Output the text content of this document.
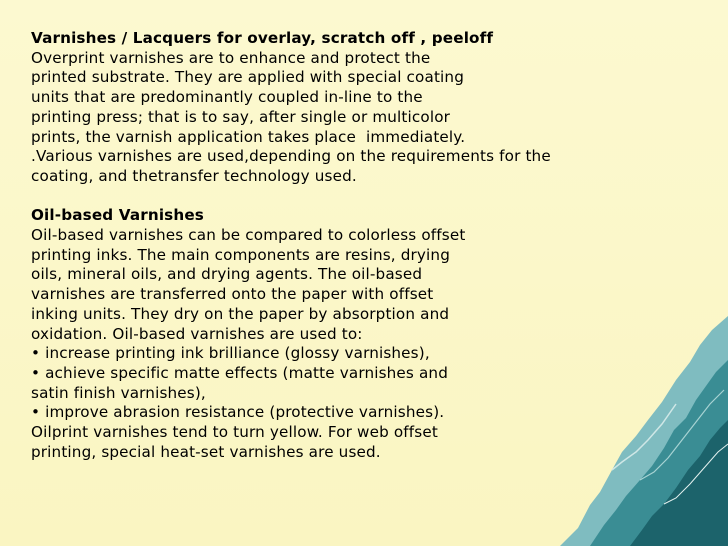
Varnishes / Lacquers for overlay, scratch off , peeloff
Overprint varnishes are to enhance and protect the
printed substrate. They are applied with special coating
units that are predominantly coupled in-line to the
printing press; that is to say, after single or multicolor
prints, the varnish application takes place  immediately.
.Various varnishes are used,depending on the requirements for the
coating, and thetransfer technology used.
Oil-based Varnishes
Oil-based varnishes can be compared to colorless offset
printing inks. The main components are resins, drying
oils, mineral oils, and drying agents. The oil-based
varnishes are transferred onto the paper with offset
inking units. They dry on the paper by absorption and
oxidation. Oil-based varnishes are used to:
• increase printing ink brilliance (glossy varnishes),
• achieve specific matte effects (matte varnishes and
satin finish varnishes),
• improve abrasion resistance (protective varnishes).
Oilprint varnishes tend to turn yellow. For web offset
printing, special heat-set varnishes are used.
